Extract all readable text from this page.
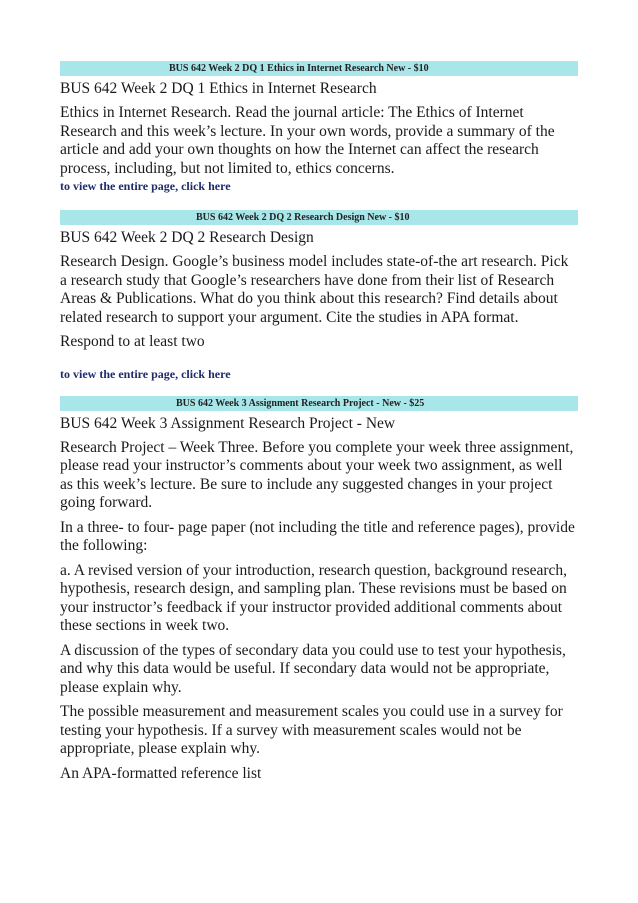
BUS 642 Week 2 DQ 1 Ethics in Internet Research New - $10
BUS 642 Week 2 DQ 1 Ethics in Internet Research
Ethics in Internet Research. Read the journal article: The Ethics of Internet Research and this week’s lecture. In your own words, provide a summary of the article and add your own thoughts on how the Internet can affect the research process, including, but not limited to, ethics concerns.
to view the entire page, click here
BUS 642 Week 2 DQ 2 Research Design New - $10
BUS 642 Week 2 DQ 2 Research Design
Research Design. Google’s business model includes state-of-the art research. Pick a research study that Google’s researchers have done from their list of Research Areas & Publications. What do you think about this research? Find details about related research to support your argument. Cite the studies in APA format.
Respond to at least two
to view the entire page, click here
BUS 642 Week 3 Assignment Research Project - New - $25
BUS 642 Week 3 Assignment Research Project - New
Research Project – Week Three. Before you complete your week three assignment, please read your instructor’s comments about your week two assignment, as well as this week’s lecture. Be sure to include any suggested changes in your project going forward.
In a three- to four- page paper (not including the title and reference pages), provide the following:
a. A revised version of your introduction, research question, background research, hypothesis, research design, and sampling plan. These revisions must be based on your instructor’s feedback if your instructor provided additional comments about these sections in week two.
A discussion of the types of secondary data you could use to test your hypothesis, and why this data would be useful. If secondary data would not be appropriate, please explain why.
The possible measurement and measurement scales you could use in a survey for testing your hypothesis. If a survey with measurement scales would not be appropriate, please explain why.
An APA-formatted reference list
